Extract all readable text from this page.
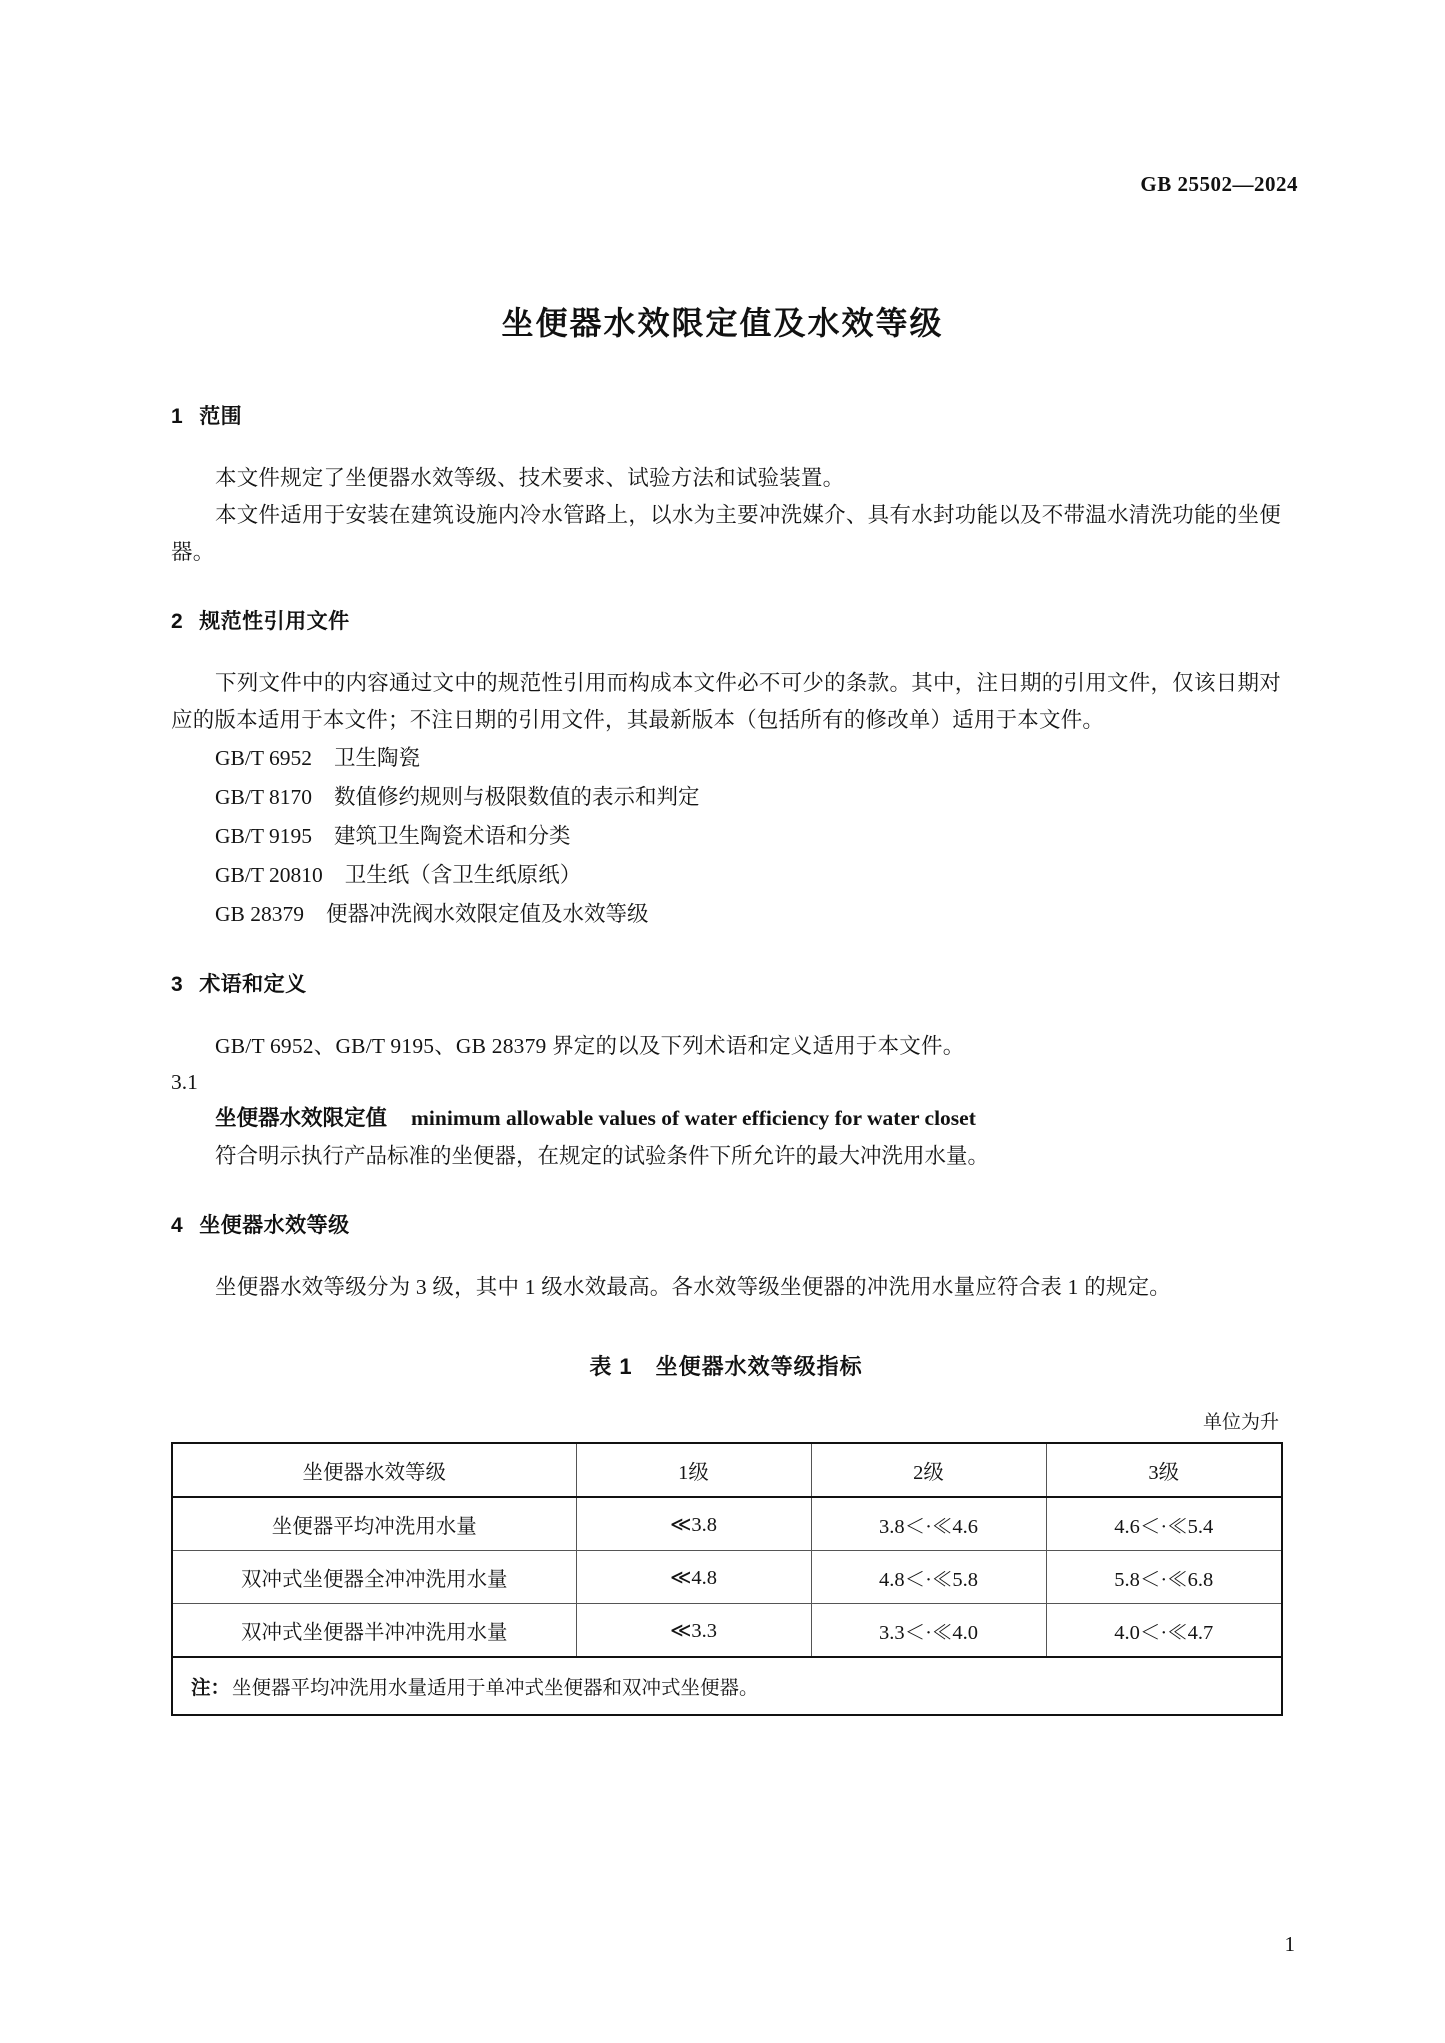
GB 25502—2024
坐便器水效限定值及水效等级
1 范围

本文件规定了坐便器水效等级、技术要求、试验方法和试验装置。

本文件适用于安装在建筑设施内冷水管路上，以水为主要冲洗媒介、具有水封功能以及不带温水清洗功能的坐便器。

2 规范性引用文件

下列文件中的内容通过文中的规范性引用而构成本文件必不可少的条款。其中，注日期的引用文件，仅该日期对应的版本适用于本文件；不注日期的引用文件，其最新版本（包括所有的修改单）适用于本文件。

GB/T 6952 卫生陶瓷
GB/T 8170 数值修约规则与极限数值的表示和判定
GB/T 9195 建筑卫生陶瓷术语和分类
GB/T 20810 卫生纸（含卫生纸原纸）
GB 28379 便器冲洗阀水效限定值及水效等级
3 术语和定义

GB/T 6952、GB/T 9195、GB 28379 界定的以及下列术语和定义适用于本文件。

3.1
坐便器水效限定值 minimum allowable values of water efficiency for water closet
符合明示执行产品标准的坐便器，在规定的试验条件下所允许的最大冲洗用水量。
4 坐便器水效等级

坐便器水效等级分为 3 级，其中 1 级水效最高。各水效等级坐便器的冲洗用水量应符合表 1 的规定。

表 1　坐便器水效等级指标
单位为升
坐便器水效等级	1级	2级	3级
坐便器平均冲洗用水量	≪3.8	3.8＜·≪4.6	4.6＜·≪5.4
双冲式坐便器全冲冲洗用水量	≪4.8	4.8＜·≪5.8	5.8＜·≪6.8
双冲式坐便器半冲冲洗用水量	≪3.3	3.3＜·≪4.0	4.0＜·≪4.7
注： 坐便器平均冲洗用水量适用于单冲式坐便器和双冲式坐便器。			
1
